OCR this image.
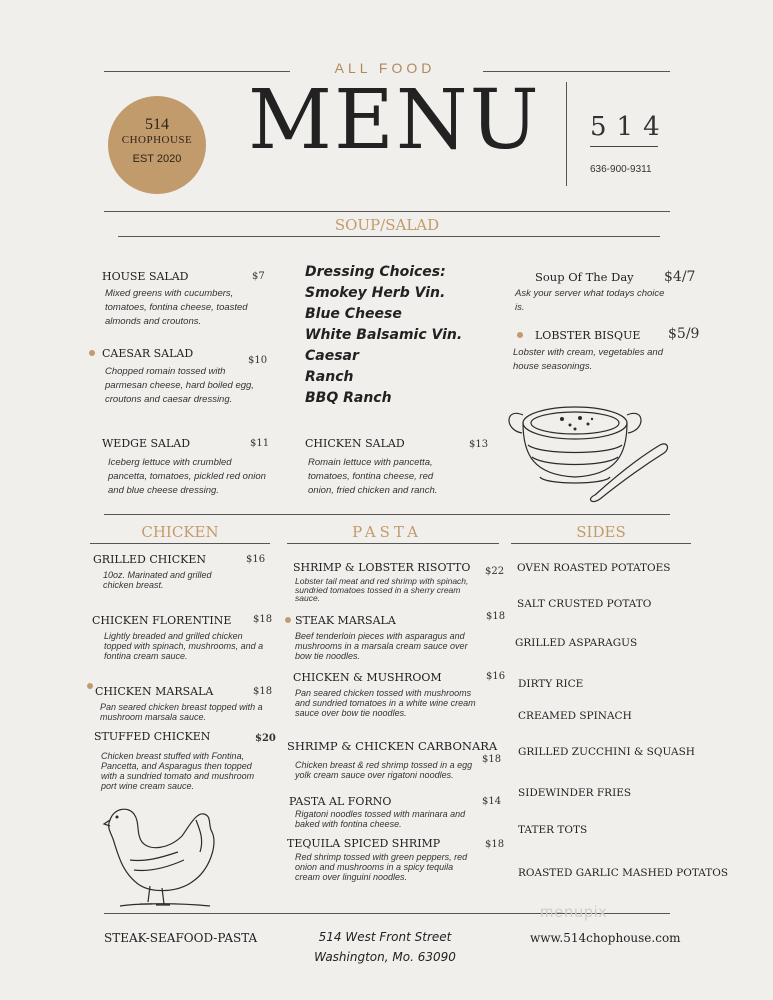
ALL FOOD
MENU
514
CHOPHOUSE
EST 2020
514
636-900-9311
SOUP/SALAD
HOUSE SALAD	$7
Mixed greens with cucumbers, tomatoes, fontina cheese, toasted almonds and croutons.
CAESAR SALAD
$10
Chopped romain tossed with parmesan cheese, hard boiled egg, croutons and caesar dressing.
WEDGE SALAD	$11
Iceberg lettuce with crumbled pancetta, tomatoes, pickled red onion and blue cheese dressing.
Dressing Choices:
Smokey Herb Vin.
Blue Cheese
White Balsamic Vin.
Caesar
Ranch
BBQ Ranch
CHICKEN SALAD	$13
Romain lettuce with pancetta, tomatoes, fontina cheese, red onion, fried chicken and ranch.
Soup Of The Day $4/7
Ask your server what todays choice is.
LOBSTER BISQUE $5/9
Lobster with cream, vegetables and house seasonings.
CHICKEN	PASTA	SIDES
GRILLED CHICKEN	$16
10oz. Marinated and grilled chicken breast.
CHICKEN FLORENTINE $18
Lightly breaded and grilled chicken topped with spinach, mushrooms, and a fontina cream sauce.
CHICKEN MARSALA	$18
Pan seared chicken breast topped with a mushroom marsala sauce.
STUFFED CHICKEN	$20
Chicken breast stuffed with Fontina, Pancetta, and Asparagus then topped with a sundried tomato and mushroom port wine cream sauce.
SHRIMP & LOBSTER RISOTTO $22
Lobster tail meat and red shrimp with spinach, sundried tomatoes tossed in a sherry cream sauce.
STEAK MARSALA	$18
Beef tenderloin pieces with asparagus and mushrooms in a marsala cream sauce over bow tie noodles.
CHICKEN & MUSHROOM	$16
Pan seared chicken tossed with mushrooms and sundried tomatoes in a white wine cream sauce over bow tie noodles.
SHRIMP & CHICKEN CARBONARA
$18
Chicken breast & red shrimp tossed in a egg yolk cream sauce over rigatoni noodles.
PASTA AL FORNO	$14
Rigatoni noodles tossed with marinara and baked with fontina cheese.
TEQUILA SPICED SHRIMP	$18
Red shrimp tossed with green peppers, red onion and mushrooms in a spicy tequila cream over linguini noodles.
OVEN ROASTED POTATOES
SALT CRUSTED POTATO
GRILLED ASPARAGUS
DIRTY RICE
CREAMED SPINACH
GRILLED ZUCCHINI & SQUASH
SIDEWINDER FRIES
TATER TOTS
ROASTED GARLIC MASHED POTATOS
menupix
STEAK-SEAFOOD-PASTA	514 West Front Street
Washington, Mo. 63090
www.514chophouse.com
